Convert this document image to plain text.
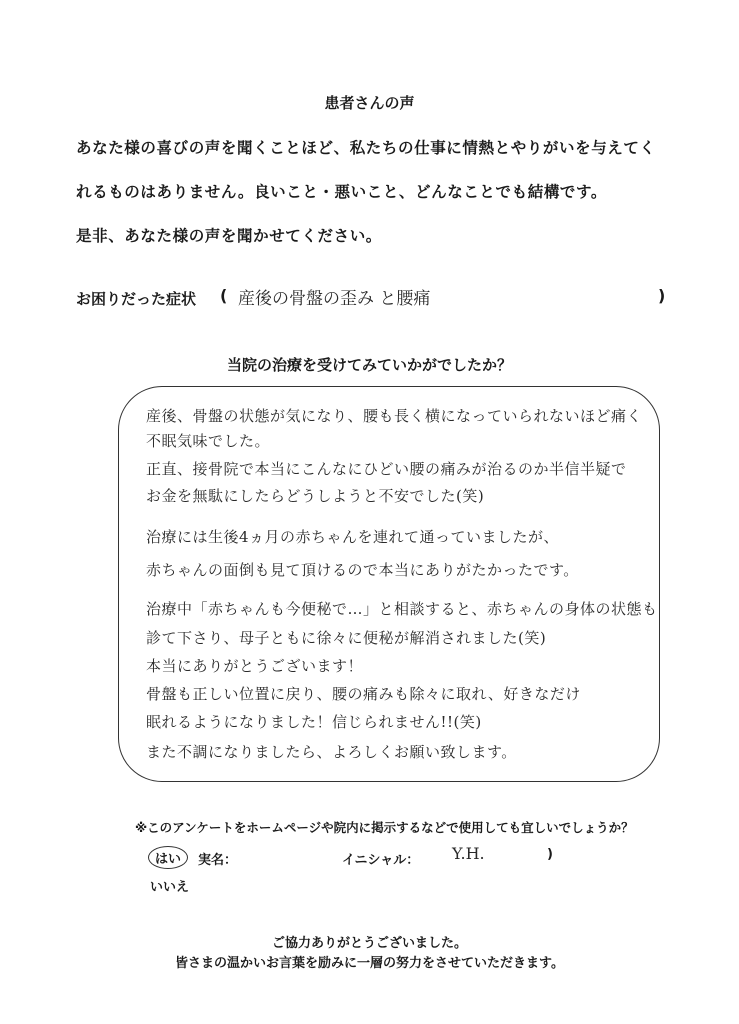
患者さんの声
あなた様の喜びの声を聞くことほど、私たちの仕事に情熱とやりがいを与えてく
れるものはありません。良いこと・悪いこと、どんなことでも結構です。
是非、あなた様の声を聞かせてください。
お困りだった症状 ( 産後の骨盤の歪み と腰痛	)
当院の治療を受けてみていかがでしたか？
産後、骨盤の状態が気になり、腰も長く横になっていられないほど痛く
不眠気味でした。
正直、接骨院で本当にこんなにひどい腰の痛みが治るのか半信半疑で
お金を無駄にしたらどうしようと不安でした(笑)
治療には生後4ヵ月の赤ちゃんを連れて通っていましたが、
赤ちゃんの面倒も見て頂けるので本当にありがたかったです。
治療中「赤ちゃんも今便秘で…」と相談すると、赤ちゃんの身体の状態も
診て下さり、母子ともに徐々に便秘が解消されました(笑)
本当にありがとうございます！
骨盤も正しい位置に戻り、腰の痛みも除々に取れ、好きなだけ
眠れるようになりました！信じられません!!(笑)
また不調になりましたら、よろしくお願い致します。
※このアンケートをホームページや院内に掲示するなどで使用しても宜しいでしょうか？
はい	実名：	イニシャル： Y.H.	)
いいえ
ご協力ありがとうございました。
皆さまの温かいお言葉を励みに一層の努力をさせていただきます。
